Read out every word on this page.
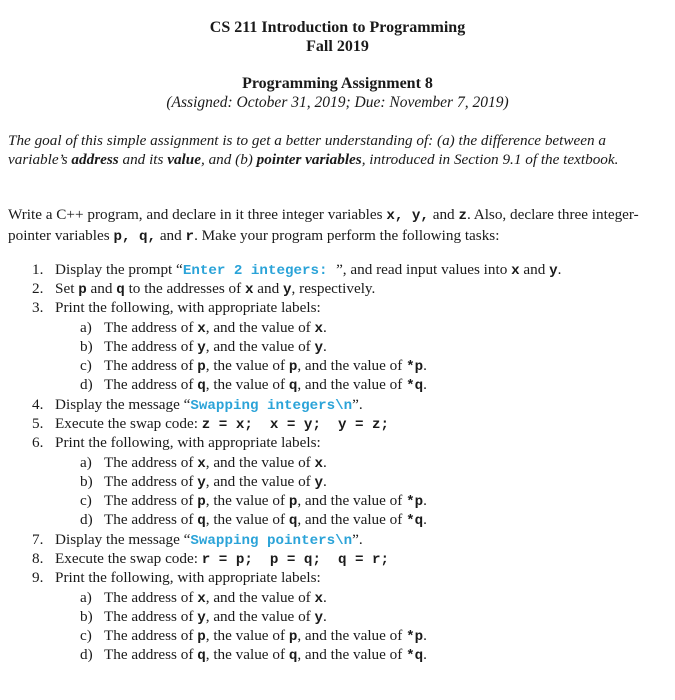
CS 211 Introduction to Programming
Fall 2019
Programming Assignment 8
(Assigned: October 31, 2019; Due: November 7, 2019)
The goal of this simple assignment is to get a better understanding of: (a) the difference between a variable’s address and its value, and (b) pointer variables, introduced in Section 9.1 of the textbook.
Write a C++ program, and declare in it three integer variables x, y, and z. Also, declare three integer-pointer variables p, q, and r. Make your program perform the following tasks:
1. Display the prompt “Enter 2 integers: ”, and read input values into x and y.
2. Set p and q to the addresses of x and y, respectively.
3. Print the following, with appropriate labels:
a) The address of x, and the value of x.
b) The address of y, and the value of y.
c) The address of p, the value of p, and the value of *p.
d) The address of q, the value of q, and the value of *q.
4. Display the message “Swapping integers\n”.
5. Execute the swap code: z = x;  x = y;  y = z;
6. Print the following, with appropriate labels:
a) The address of x, and the value of x.
b) The address of y, and the value of y.
c) The address of p, the value of p, and the value of *p.
d) The address of q, the value of q, and the value of *q.
7. Display the message “Swapping pointers\n”.
8. Execute the swap code: r = p;  p = q;  q = r;
9. Print the following, with appropriate labels:
a) The address of x, and the value of x.
b) The address of y, and the value of y.
c) The address of p, the value of p, and the value of *p.
d) The address of q, the value of q, and the value of *q.
